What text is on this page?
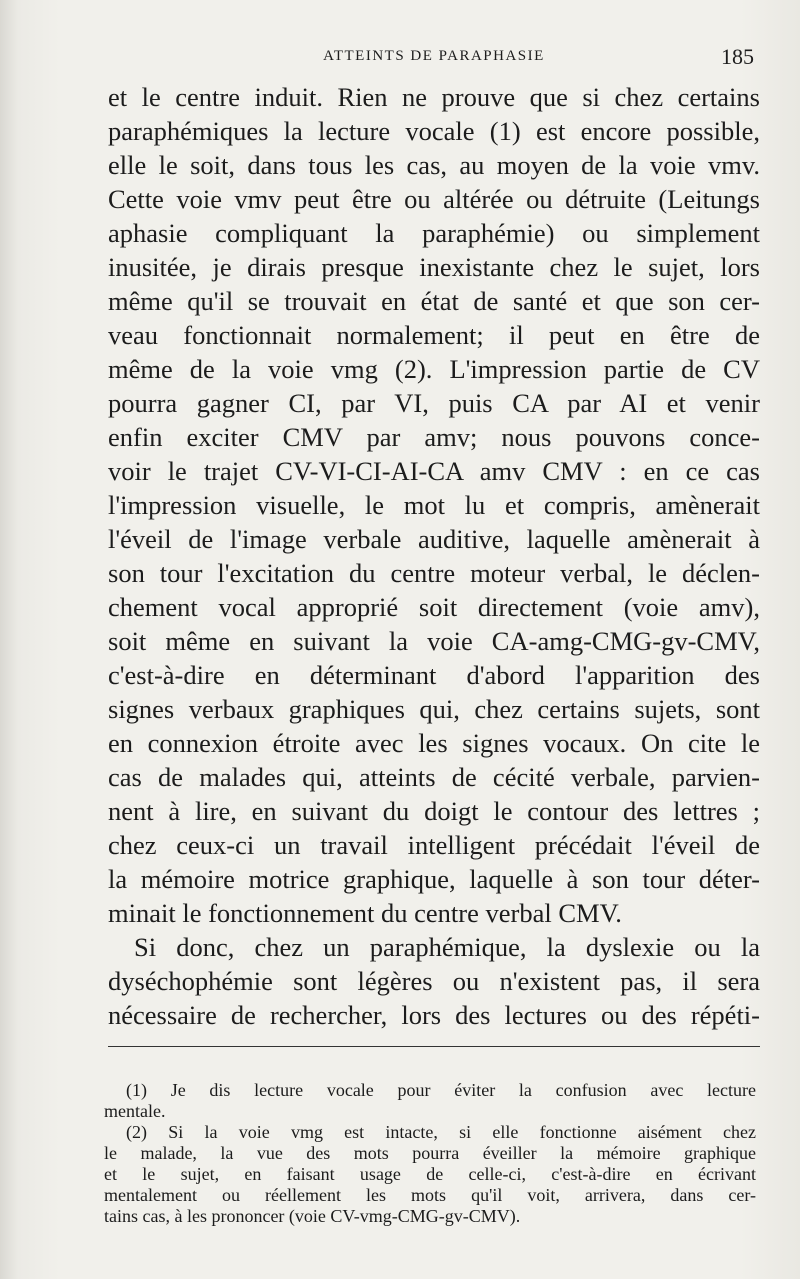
ATTEINTS DE PARAPHASIE	185
et le centre induit. Rien ne prouve que si chez certains
paraphémiques la lecture vocale (1) est encore possible,
elle le soit, dans tous les cas, au moyen de la voie vmv.
Cette voie vmv peut être ou altérée ou détruite (Leitungs
aphasie compliquant la paraphémie) ou simplement
inusitée, je dirais presque inexistante chez le sujet, lors
même qu'il se trouvait en état de santé et que son cer-
veau fonctionnait normalement; il peut en être de
même de la voie vmg (2). L'impression partie de CV
pourra gagner CI, par VI, puis CA par AI et venir
enfin exciter CMV par amv; nous pouvons conce-
voir le trajet CV-VI-CI-AI-CA amv CMV : en ce cas
l'impression visuelle, le mot lu et compris, amènerait
l'éveil de l'image verbale auditive, laquelle amènerait à
son tour l'excitation du centre moteur verbal, le déclen-
chement vocal approprié soit directement (voie amv),
soit même en suivant la voie CA-amg-CMG-gv-CMV,
c'est-à-dire en déterminant d'abord l'apparition des
signes verbaux graphiques qui, chez certains sujets, sont
en connexion étroite avec les signes vocaux. On cite le
cas de malades qui, atteints de cécité verbale, parvien-
nent à lire, en suivant du doigt le contour des lettres ;
chez ceux-ci un travail intelligent précédait l'éveil de
la mémoire motrice graphique, laquelle à son tour déter-
minait le fonctionnement du centre verbal CMV.
Si donc, chez un paraphémique, la dyslexie ou la
dyséchophémie sont légères ou n'existent pas, il sera
nécessaire de rechercher, lors des lectures ou des répéti-
(1) Je dis lecture vocale pour éviter la confusion avec lecture
mentale.
(2) Si la voie vmg est intacte, si elle fonctionne aisément chez
le malade, la vue des mots pourra éveiller la mémoire graphique
et le sujet, en faisant usage de celle-ci, c'est-à-dire en écrivant
mentalement ou réellement les mots qu'il voit, arrivera, dans cer-
tains cas, à les prononcer (voie CV-vmg-CMG-gv-CMV).
